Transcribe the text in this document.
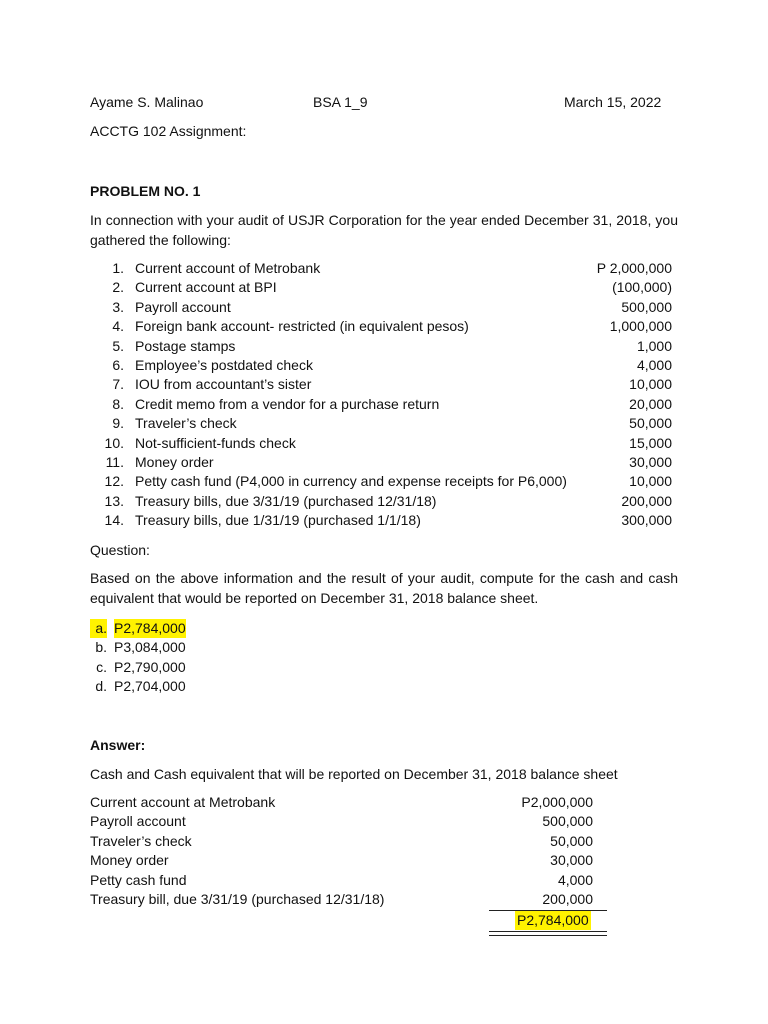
Ayame S. Malinao	BSA 1_9	March 15, 2022
ACCTG 102 Assignment:
PROBLEM NO. 1
In connection with your audit of USJR Corporation for the year ended December 31, 2018, you gathered the following:
1. Current account of Metrobank	P 2,000,000
2. Current account at BPI	(100,000)
3. Payroll account	500,000
4. Foreign bank account- restricted (in equivalent pesos)	1,000,000
5. Postage stamps	1,000
6. Employee’s postdated check	4,000
7. IOU from accountant’s sister	10,000
8. Credit memo from a vendor for a purchase return	20,000
9. Traveler’s check	50,000
10. Not-sufficient-funds check	15,000
11. Money order	30,000
12. Petty cash fund (P4,000 in currency and expense receipts for P6,000)	10,000
13. Treasury bills, due 3/31/19 (purchased 12/31/18)	200,000
14. Treasury bills, due 1/31/19 (purchased 1/1/18)	300,000
Question:
Based on the above information and the result of your audit, compute for the cash and cash equivalent that would be reported on December 31, 2018 balance sheet.
a. P2,784,000
b. P3,084,000
c. P2,790,000
d. P2,704,000
Answer:
Cash and Cash equivalent that will be reported on December 31, 2018 balance sheet
Current account at Metrobank	P2,000,000
Payroll account	500,000
Traveler’s check	50,000
Money order	30,000
Petty cash fund	4,000
Treasury bill, due 3/31/19 (purchased 12/31/18)	200,000
P2,784,000
